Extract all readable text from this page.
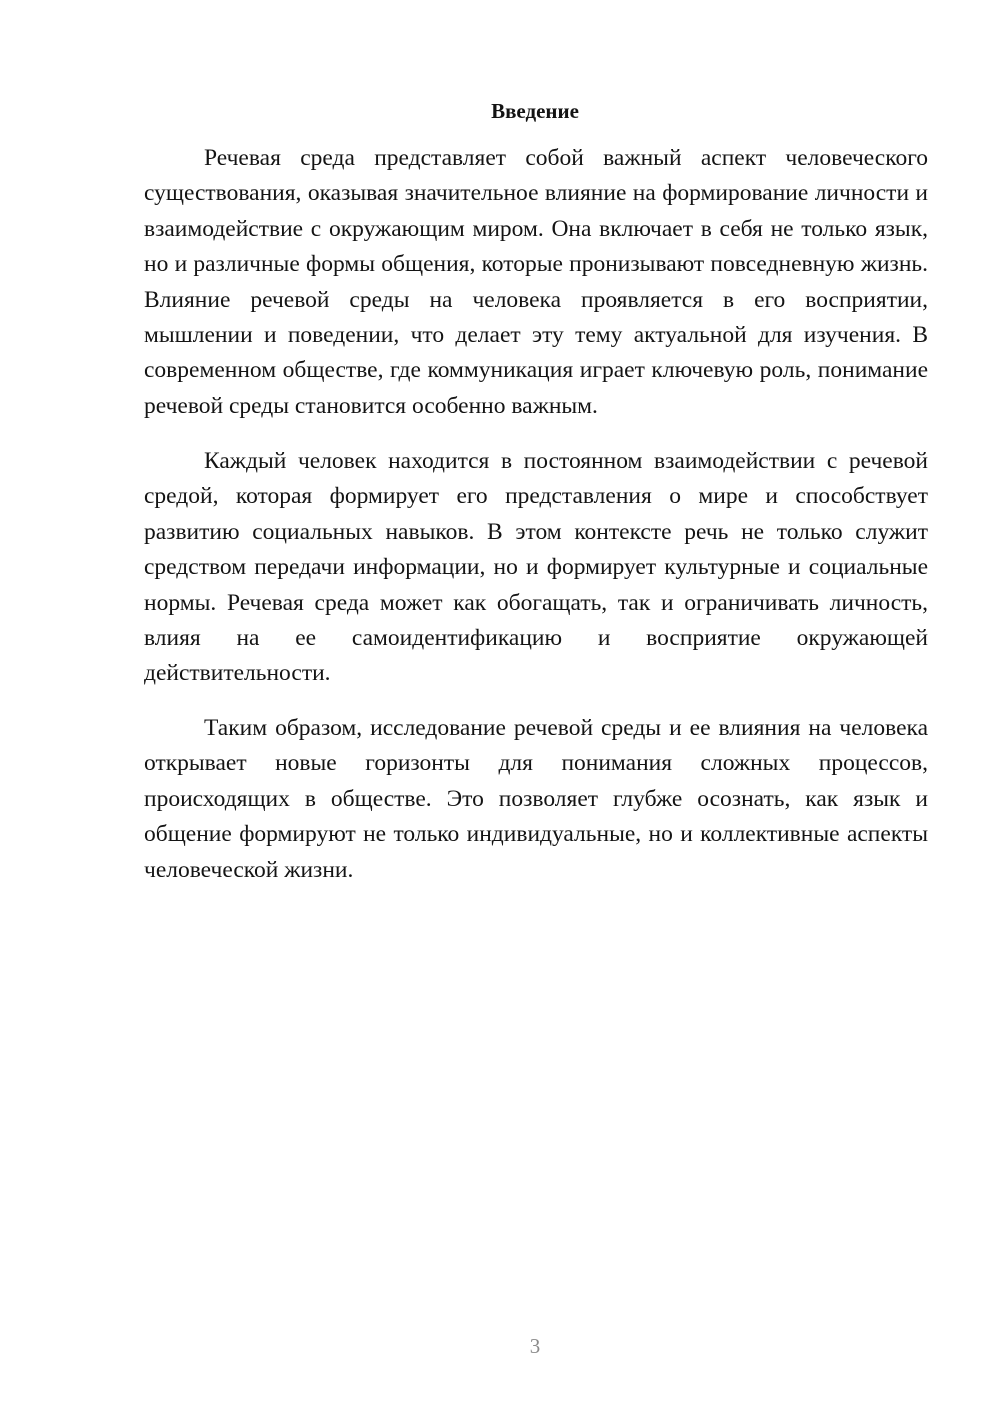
Введение

Речевая среда представляет собой важный аспект человеческого существования, оказывая значительное влияние на формирование личности и взаимодействие с окружающим миром. Она включает в себя не только язык, но и различные формы общения, которые пронизывают повседневную жизнь. Влияние речевой среды на человека проявляется в его восприятии, мышлении и поведении, что делает эту тему актуальной для изучения. В современном обществе, где коммуникация играет ключевую роль, понимание речевой среды становится особенно важным.

Каждый человек находится в постоянном взаимодействии с речевой средой, которая формирует его представления о мире и способствует развитию социальных навыков. В этом контексте речь не только служит средством передачи информации, но и формирует культурные и социальные нормы. Речевая среда может как обогащать, так и ограничивать личность, влияя на ее самоидентификацию и восприятие окружающей действительности.

Таким образом, исследование речевой среды и ее влияния на человека открывает новые горизонты для понимания сложных процессов, происходящих в обществе. Это позволяет глубже осознать, как язык и общение формируют не только индивидуальные, но и коллективные аспекты человеческой жизни.

3
